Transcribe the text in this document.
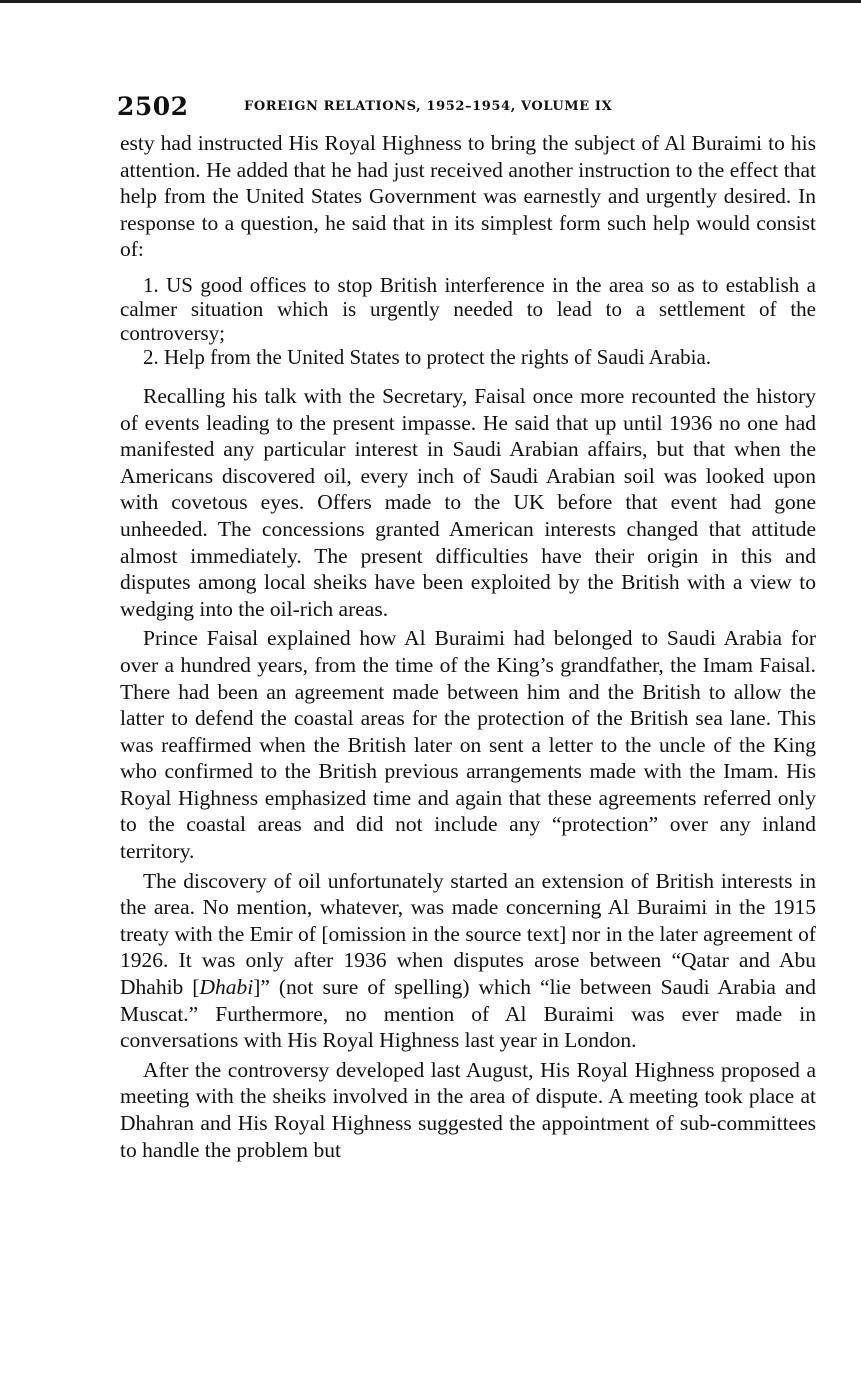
2502	FOREIGN RELATIONS, 1952–1954, VOLUME IX

esty had instructed His Royal Highness to bring the subject of Al Buraimi to his attention. He added that he had just received another instruction to the effect that help from the United States Government was earnestly and urgently desired. In response to a question, he said that in its simplest form such help would consist of:

1. US good offices to stop British interference in the area so as to establish a calmer situation which is urgently needed to lead to a settlement of the controversy;

2. Help from the United States to protect the rights of Saudi Arabia.

Recalling his talk with the Secretary, Faisal once more recounted the history of events leading to the present impasse. He said that up until 1936 no one had manifested any particular interest in Saudi Arabian affairs, but that when the Americans discovered oil, every inch of Saudi Arabian soil was looked upon with covetous eyes. Offers made to the UK before that event had gone unheeded. The concessions granted American interests changed that attitude almost immediately. The present difficulties have their origin in this and disputes among local sheiks have been exploited by the British with a view to wedging into the oil-rich areas.

Prince Faisal explained how Al Buraimi had belonged to Saudi Arabia for over a hundred years, from the time of the King’s grandfather, the Imam Faisal. There had been an agreement made between him and the British to allow the latter to defend the coastal areas for the protection of the British sea lane. This was reaffirmed when the British later on sent a letter to the uncle of the King who confirmed to the British previous arrangements made with the Imam. His Royal Highness emphasized time and again that these agreements referred only to the coastal areas and did not include any “protection” over any inland territory.

The discovery of oil unfortunately started an extension of British interests in the area. No mention, whatever, was made concerning Al Buraimi in the 1915 treaty with the Emir of [omission in the source text] nor in the later agreement of 1926. It was only after 1936 when disputes arose between “Qatar and Abu Dhahib [Dhabi]” (not sure of spelling) which “lie between Saudi Arabia and Muscat.” Furthermore, no mention of Al Buraimi was ever made in conversations with His Royal Highness last year in London.

After the controversy developed last August, His Royal Highness proposed a meeting with the sheiks involved in the area of dispute. A meeting took place at Dhahran and His Royal Highness suggested the appointment of sub-committees to handle the problem but
